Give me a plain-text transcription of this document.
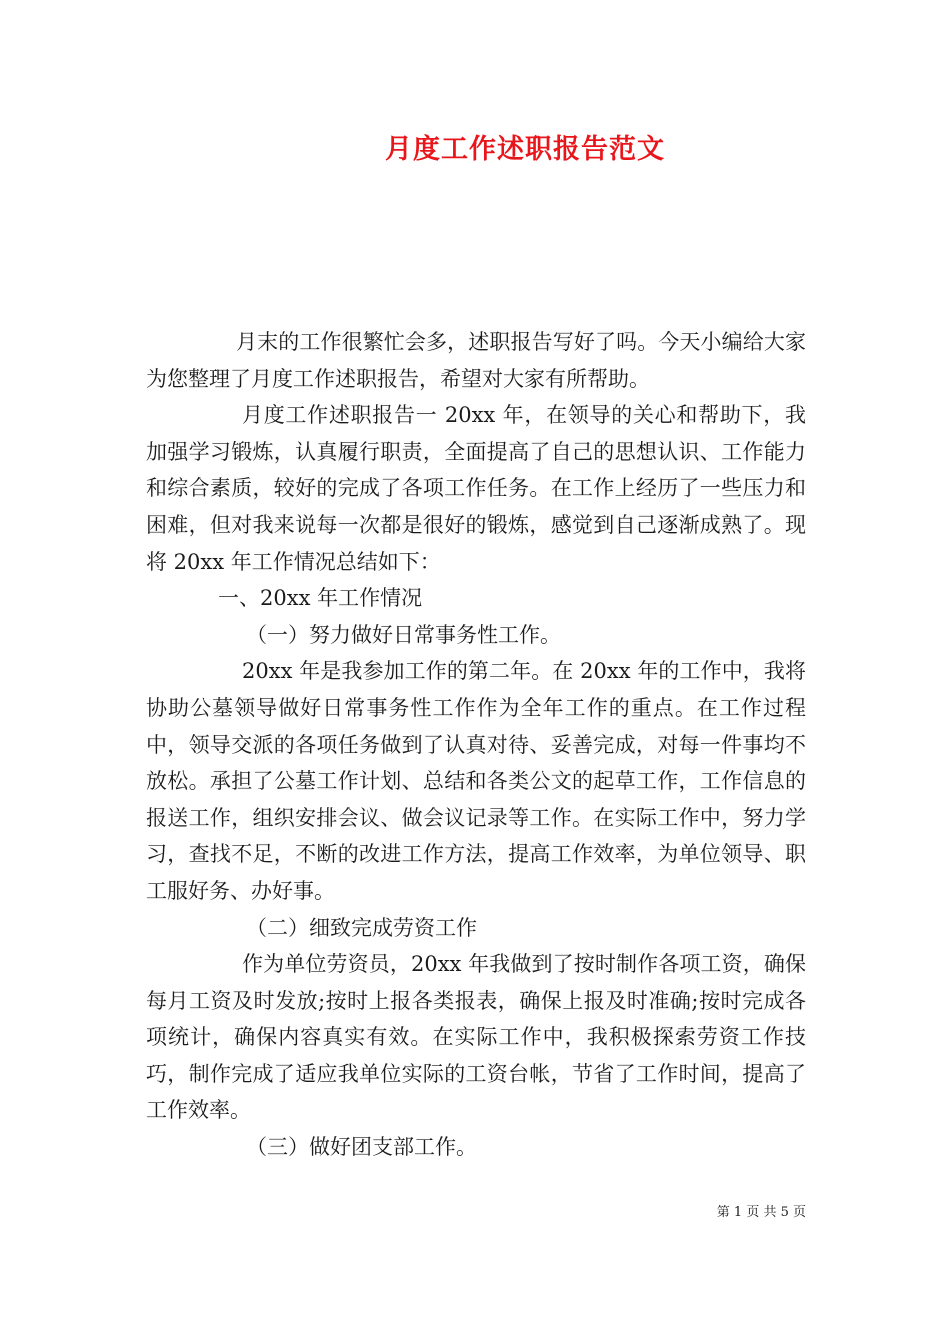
月度工作述职报告范文

月末的工作很繁忙会多，述职报告写好了吗。今天小编给大家为您整理了月度工作述职报告，希望对大家有所帮助。

月度工作述职报告一 20xx 年，在领导的关心和帮助下，我加强学习锻炼，认真履行职责，全面提高了自己的思想认识、工作能力和综合素质，较好的完成了各项工作任务。在工作上经历了一些压力和困难，但对我来说每一次都是很好的锻炼，感觉到自己逐渐成熟了。现将 20xx 年工作情况总结如下：

一、20xx 年工作情况

（一）努力做好日常事务性工作。

20xx 年是我参加工作的第二年。在 20xx 年的工作中，我将协助公墓领导做好日常事务性工作作为全年工作的重点。在工作过程中，领导交派的各项任务做到了认真对待、妥善完成，对每一件事均不放松。承担了公墓工作计划、总结和各类公文的起草工作，工作信息的报送工作，组织安排会议、做会议记录等工作。在实际工作中，努力学习，查找不足，不断的改进工作方法，提高工作效率，为单位领导、职工服好务、办好事。

（二）细致完成劳资工作

作为单位劳资员，20xx 年我做到了按时制作各项工资，确保每月工资及时发放;按时上报各类报表，确保上报及时准确;按时完成各项统计，确保内容真实有效。在实际工作中，我积极探索劳资工作技巧，制作完成了适应我单位实际的工资台帐，节省了工作时间，提高了工作效率。

（三）做好团支部工作。

第 1 页 共 5 页
